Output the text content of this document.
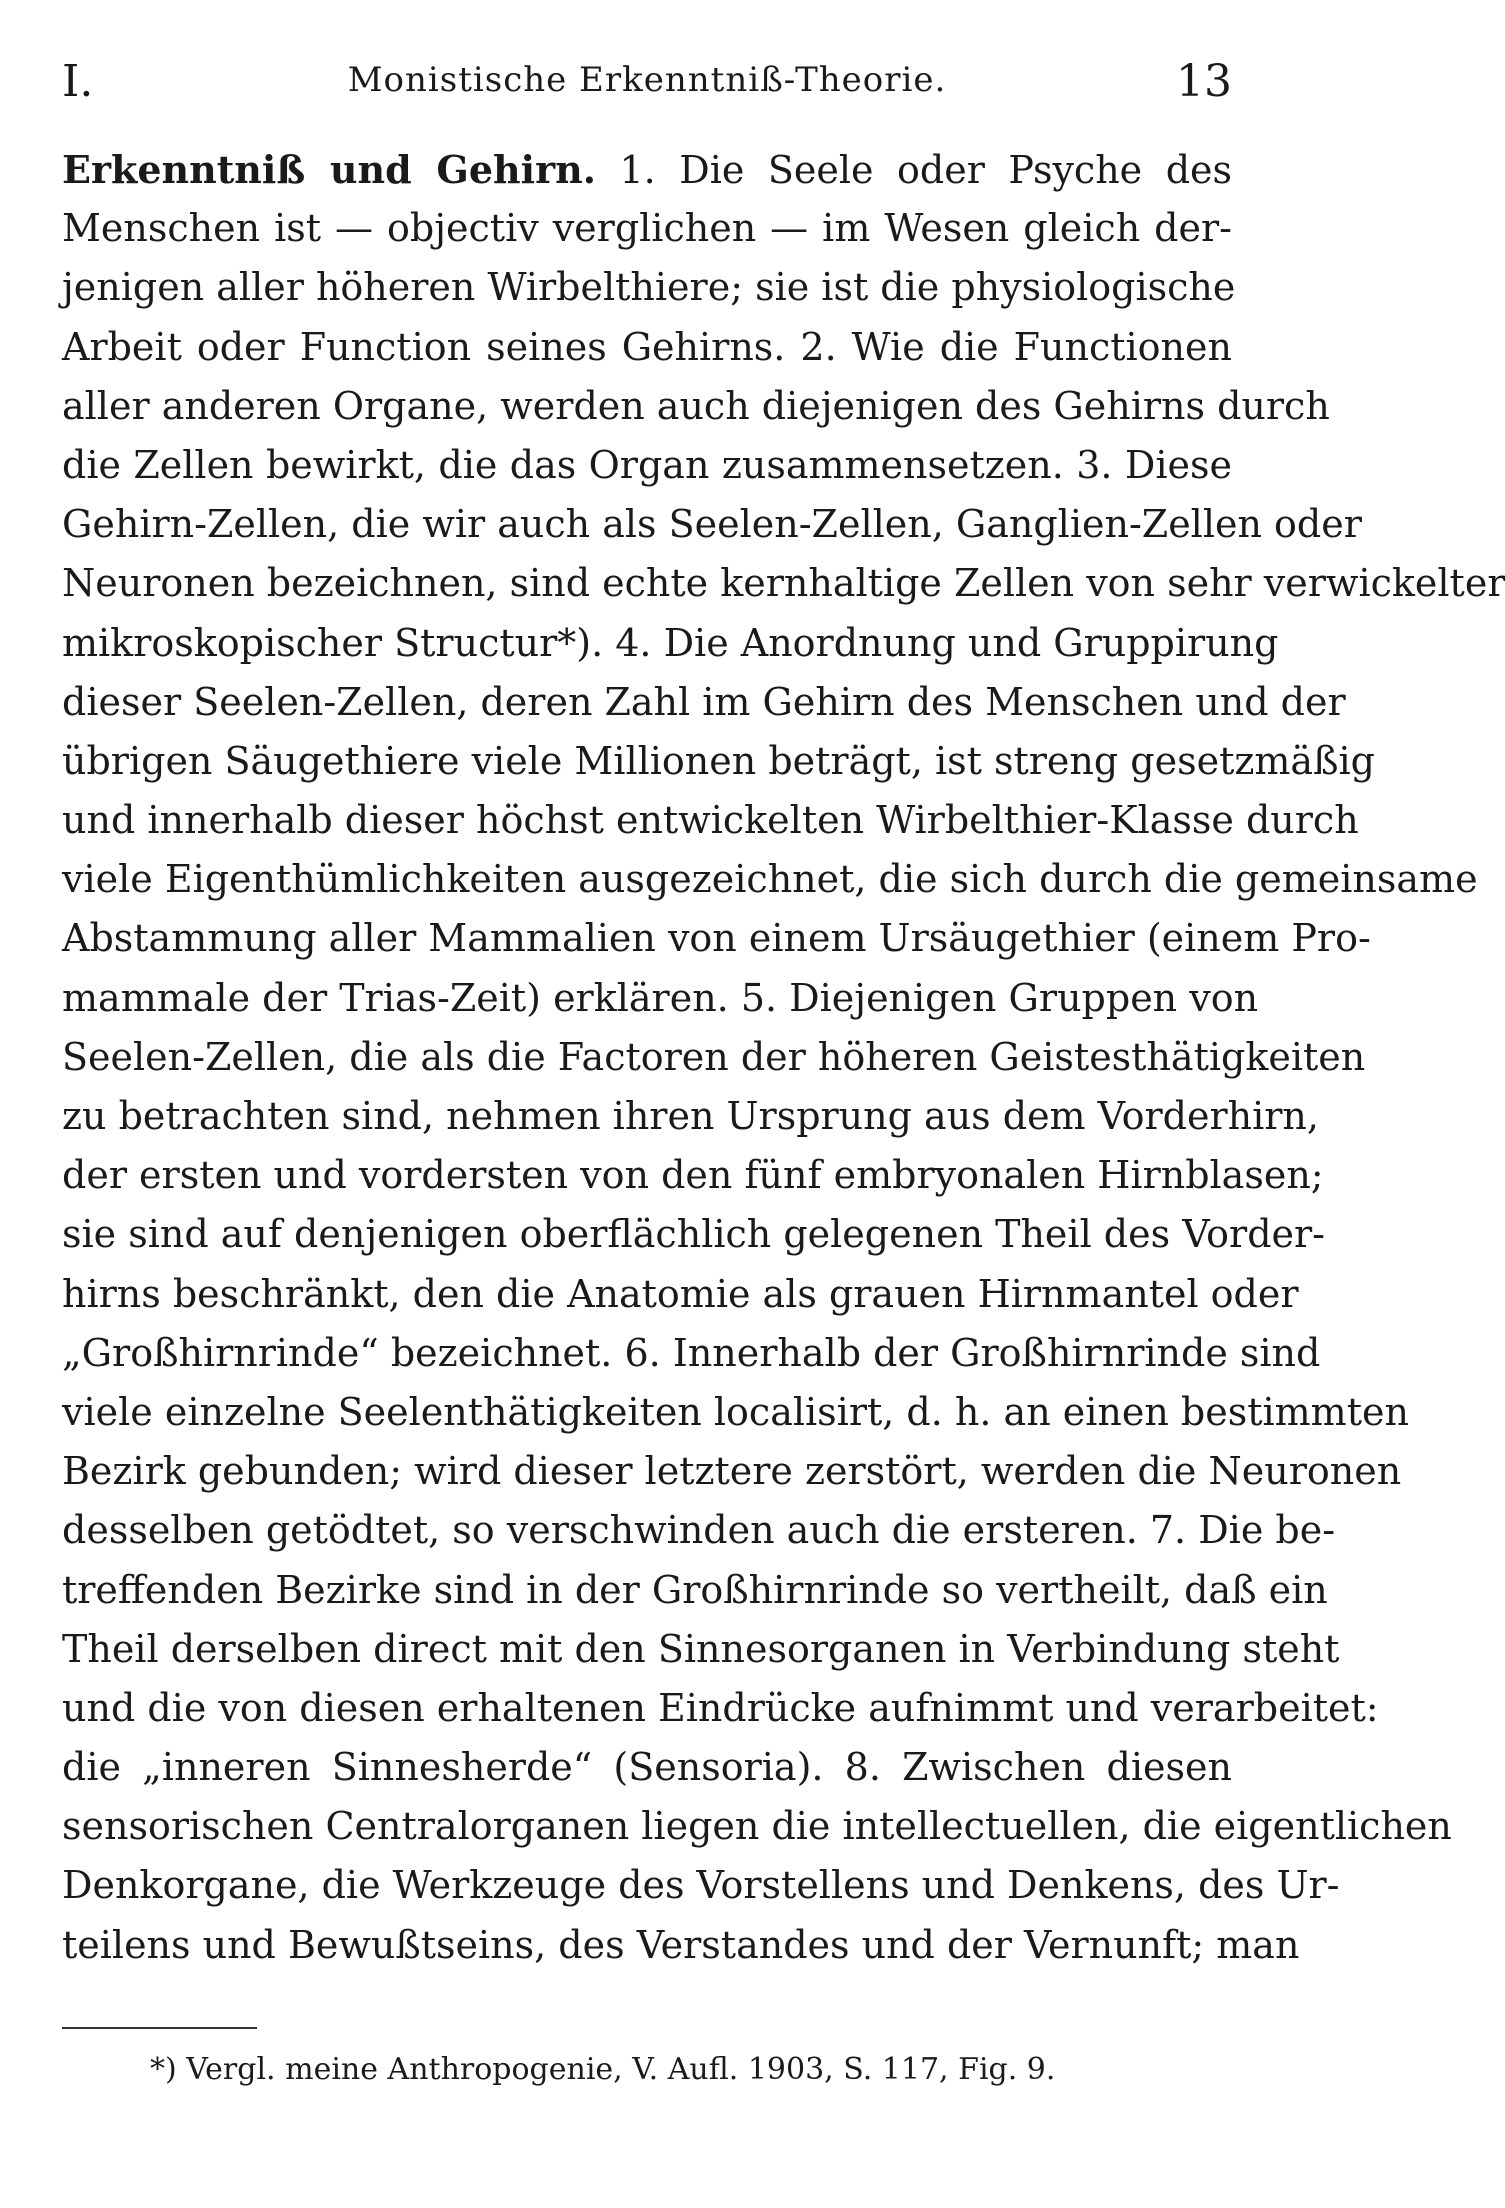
I.	Monistische Erkenntniß-Theorie.	13
Erkenntniß und Gehirn. 1. Die Seele oder Psyche des
Menschen ist — objectiv verglichen — im Wesen gleich der-
jenigen aller höheren Wirbelthiere; sie ist die physiologische
Arbeit oder Function seines Gehirns. 2. Wie die Functionen
aller anderen Organe, werden auch diejenigen des Gehirns durch
die Zellen bewirkt, die das Organ zusammensetzen. 3. Diese
Gehirn-Zellen, die wir auch als Seelen-Zellen, Ganglien-Zellen oder
Neuronen bezeichnen, sind echte kernhaltige Zellen von sehr verwickelter
mikroskopischer Structur*). 4. Die Anordnung und Gruppirung
dieser Seelen-Zellen, deren Zahl im Gehirn des Menschen und der
übrigen Säugethiere viele Millionen beträgt, ist streng gesetzmäßig
und innerhalb dieser höchst entwickelten Wirbelthier-Klasse durch
viele Eigenthümlichkeiten ausgezeichnet, die sich durch die gemeinsame
Abstammung aller Mammalien von einem Ursäugethier (einem Pro-
mammale der Trias-Zeit) erklären. 5. Diejenigen Gruppen von
Seelen-Zellen, die als die Factoren der höheren Geistesthätigkeiten
zu betrachten sind, nehmen ihren Ursprung aus dem Vorderhirn,
der ersten und vordersten von den fünf embryonalen Hirnblasen;
sie sind auf denjenigen oberflächlich gelegenen Theil des Vorder-
hirns beschränkt, den die Anatomie als grauen Hirnmantel oder
„Großhirnrinde“ bezeichnet. 6. Innerhalb der Großhirnrinde sind
viele einzelne Seelenthätigkeiten localisirt, d. h. an einen bestimmten
Bezirk gebunden; wird dieser letztere zerstört, werden die Neuronen
desselben getödtet, so verschwinden auch die ersteren. 7. Die be-
treffenden Bezirke sind in der Großhirnrinde so vertheilt, daß ein
Theil derselben direct mit den Sinnesorganen in Verbindung steht
und die von diesen erhaltenen Eindrücke aufnimmt und verarbeitet:
die „inneren Sinnesherde“ (Sensoria). 8. Zwischen diesen
sensorischen Centralorganen liegen die intellectuellen, die eigentlichen
Denkorgane, die Werkzeuge des Vorstellens und Denkens, des Ur-
teilens und Bewußtseins, des Verstandes und der Vernunft; man
*) Vergl. meine Anthropogenie, V. Aufl. 1903, S. 117, Fig. 9.
